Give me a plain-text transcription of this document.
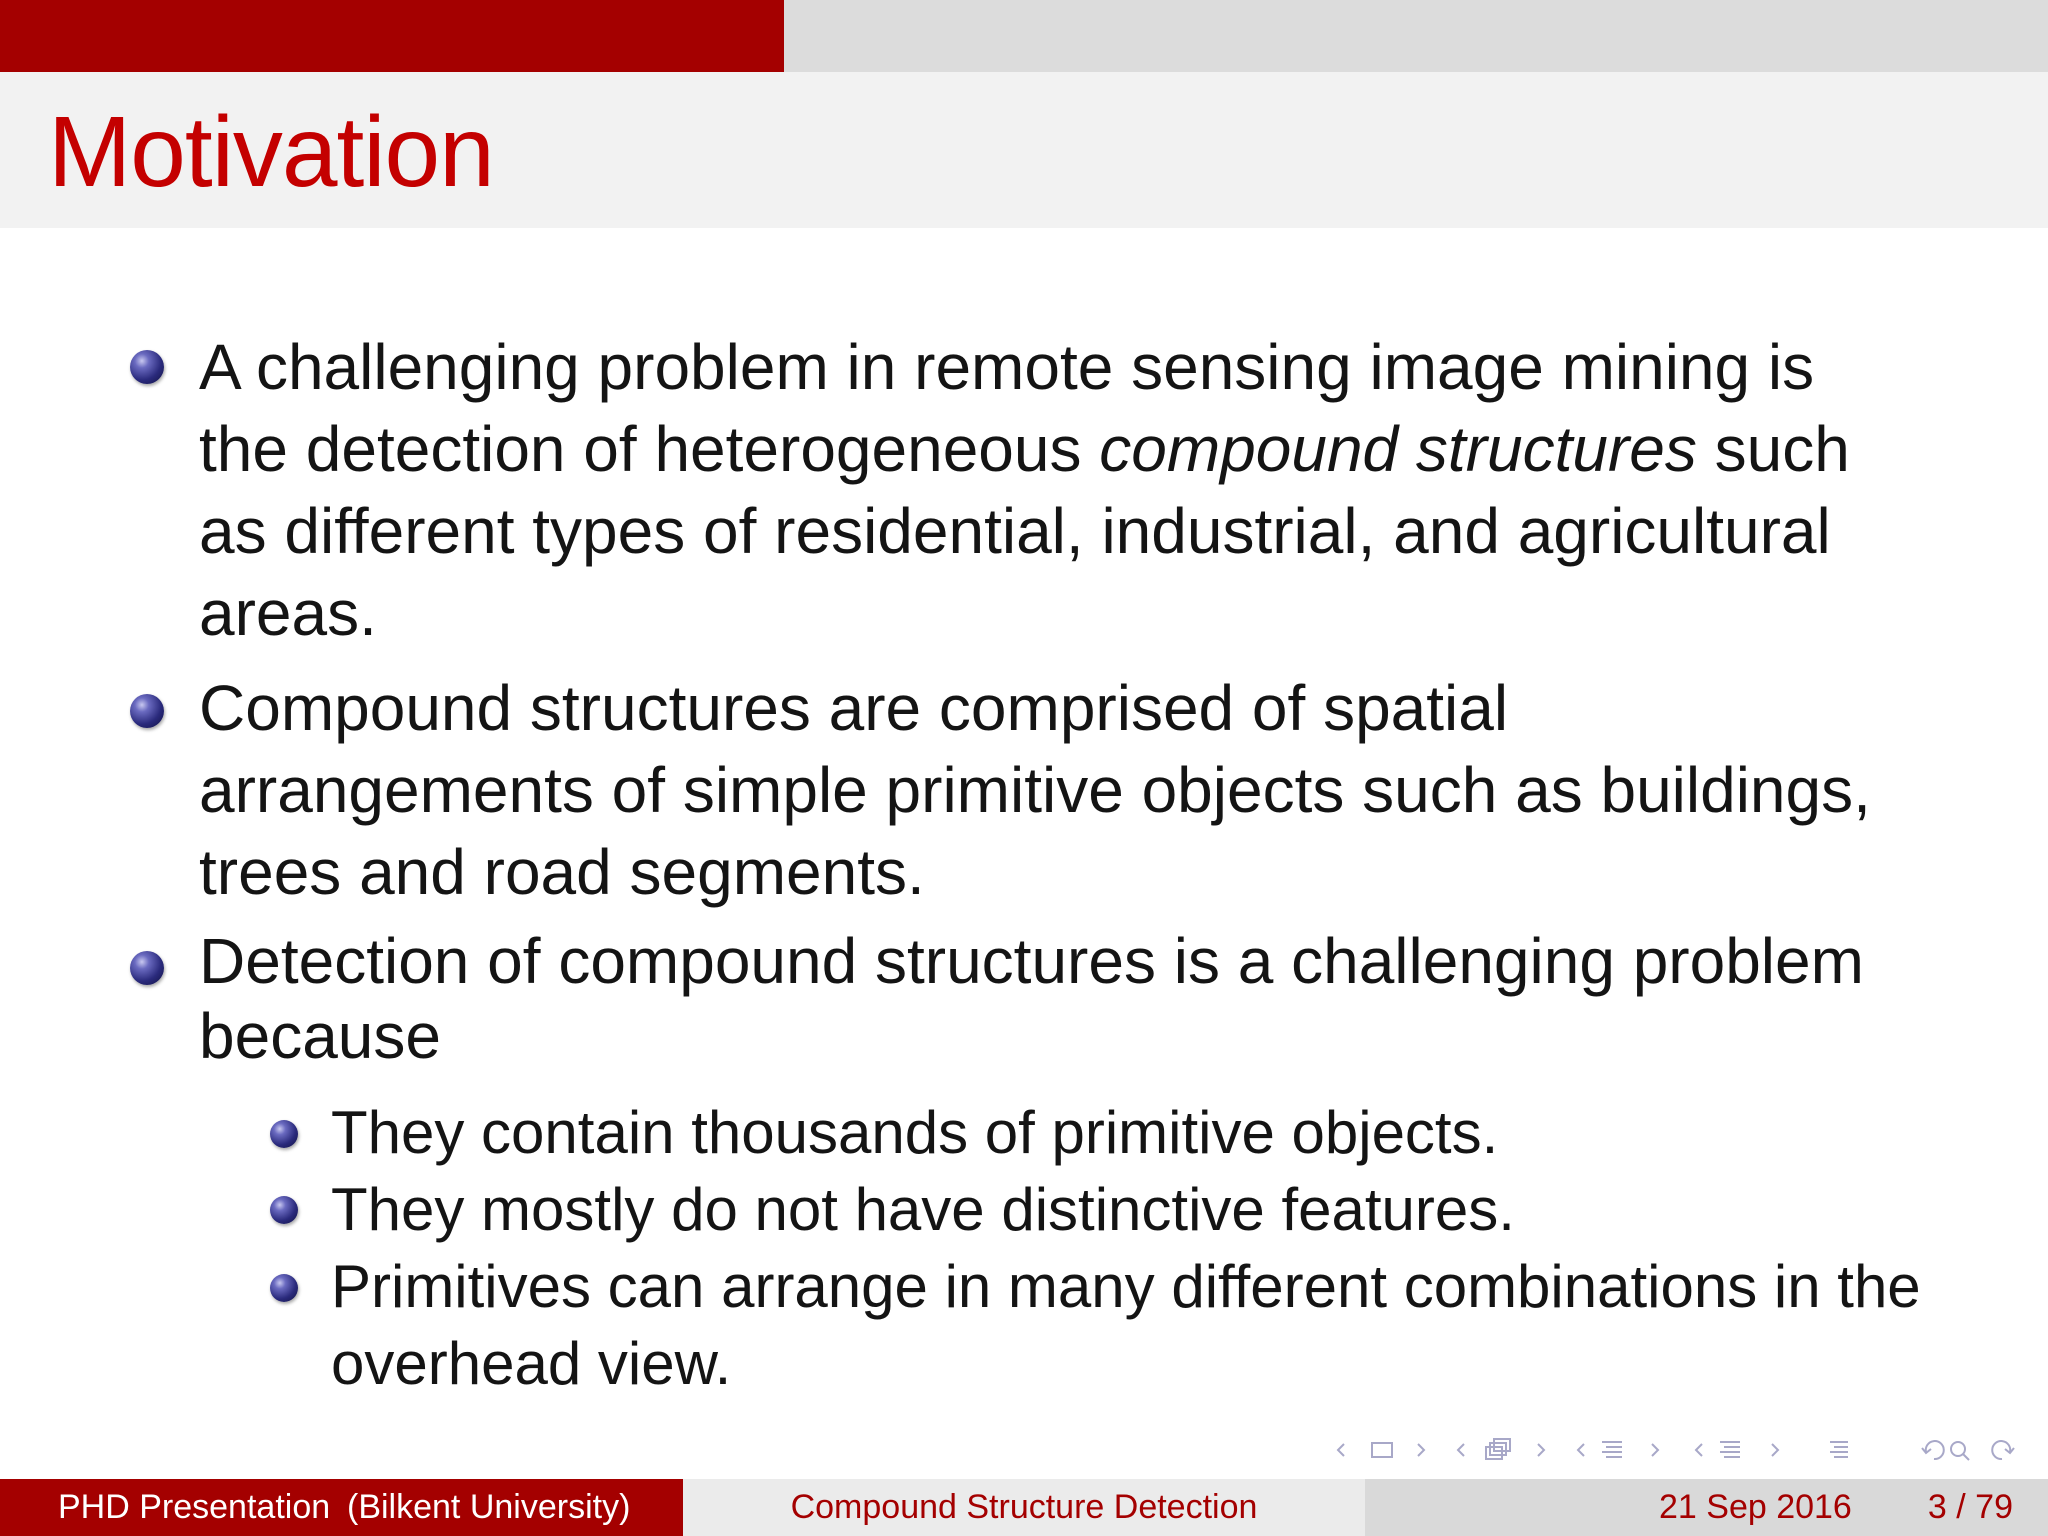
Motivation

A challenging problem in remote sensing image mining is
the detection of heterogeneous compound structures such
as different types of residential, industrial, and agricultural
areas.

Compound structures are comprised of spatial
arrangements of simple primitive objects such as buildings,
trees and road segments.

Detection of compound structures is a challenging problem
because

They contain thousands of primitive objects.

They mostly do not have distinctive features.

Primitives can arrange in many different combinations in the
overhead view.

PHD Presentation (Bilkent University)	Compound Structure Detection	21 Sep 2016 3 / 79
